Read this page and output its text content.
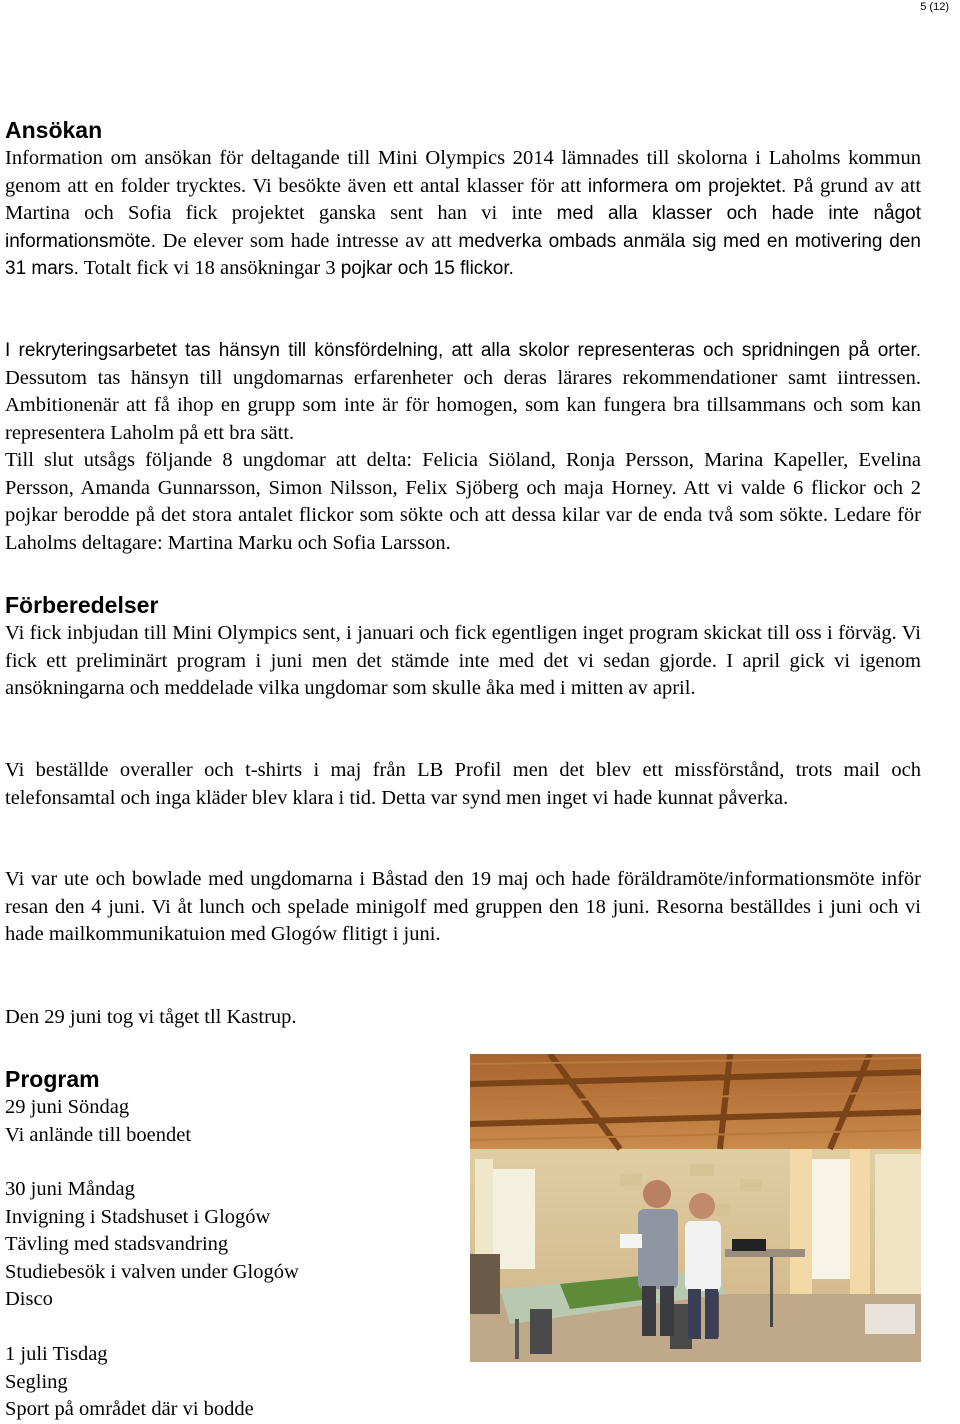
5 (12)
Ansökan
Information om ansökan för deltagande till Mini Olympics 2014 lämnades till skolorna i Laholms kommun genom att en folder trycktes. Vi besökte även ett antal klasser för att informera om projektet. På grund av att Martina och Sofia fick projektet ganska sent han vi inte med alla klasser och hade inte något informationsmöte. De elever som hade intresse av att medverka ombads anmäla sig med en motivering den 31 mars. Totalt fick vi 18 ansökningar 3 pojkar och 15 flickor.
I rekryteringsarbetet tas hänsyn till könsfördelning, att alla skolor representeras och spridningen på orter. Dessutom tas hänsyn till ungdomarnas erfarenheter och deras lärares rekommendationer samt iintressen. Ambitionenär att få ihop en grupp som inte är för homogen, som kan fungera bra tillsammans och som kan representera Laholm på ett bra sätt.
Till slut utsågs följande 8 ungdomar att delta: Felicia Siöland, Ronja Persson, Marina Kapeller, Evelina Persson, Amanda Gunnarsson, Simon Nilsson, Felix Sjöberg och maja Horney. Att vi valde 6 flickor och 2 pojkar berodde på det stora antalet flickor som sökte och att dessa kilar var de enda två som sökte. Ledare för Laholms deltagare: Martina Marku och Sofia Larsson.
Förberedelser
Vi fick inbjudan till Mini Olympics sent, i januari och fick egentligen inget program skickat till oss i förväg. Vi fick ett preliminärt program i juni men det stämde inte med det vi sedan gjorde. I april gick vi igenom ansökningarna och meddelade vilka ungdomar som skulle åka med i mitten av april.
Vi beställde overaller och t-shirts i maj från LB Profil men det blev ett missförstånd, trots mail och telefonsamtal och inga kläder blev klara i tid. Detta var synd men inget vi hade kunnat påverka.
Vi var ute och bowlade med ungdomarna i Båstad den 19 maj och hade föräldramöte/informationsmöte inför resan den 4 juni. Vi åt lunch och spelade minigolf med gruppen den 18 juni. Resorna beställdes i juni och vi hade mailkommunikatuion med Glogów flitigt i juni.
Den 29 juni tog vi tåget tll Kastrup.
Program
29 juni Söndag
Vi anlände till boendet
30 juni Måndag
Invigning i Stadshuset i Glogów
Tävling med stadsvandring
Studiebesök i valven under Glogów
Disco
1 juli Tisdag
Segling
Sport på området där vi bodde
